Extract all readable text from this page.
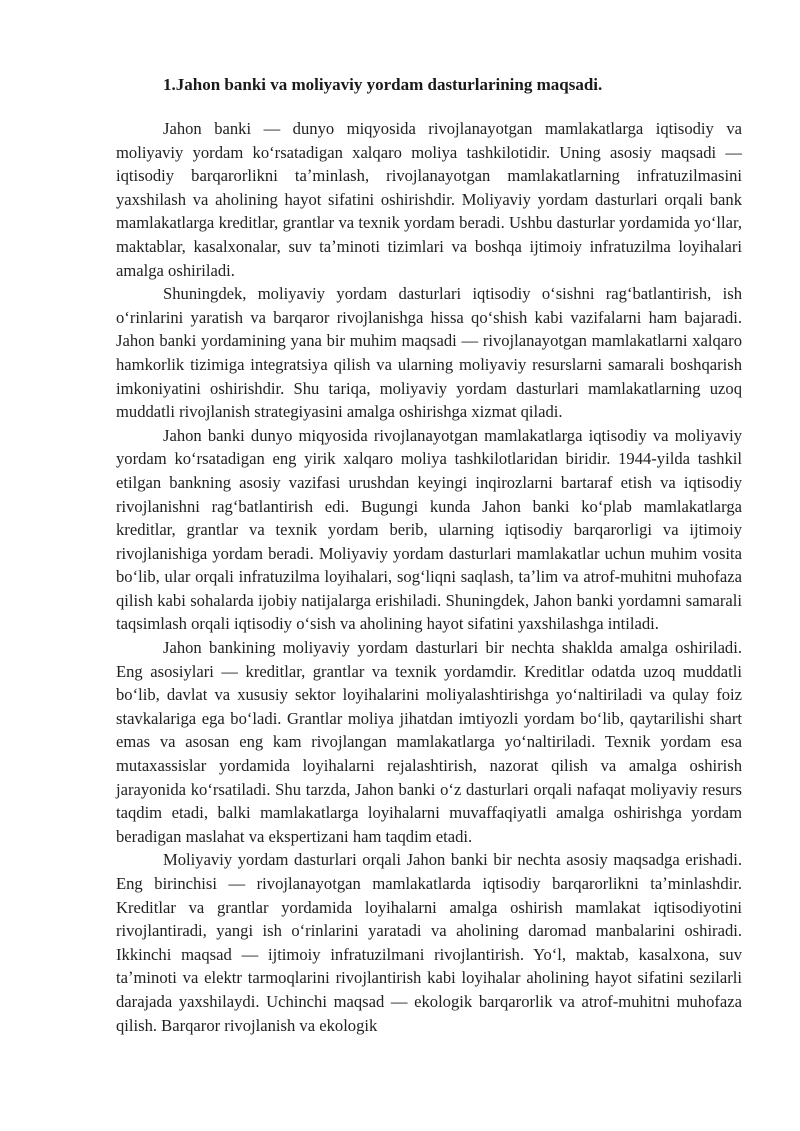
1.Jahon banki va moliyaviy yordam dasturlarining maqsadi.

Jahon banki — dunyo miqyosida rivojlanayotgan mamlakatlarga iqtisodiy va moliyaviy yordam koʻrsatadigan xalqaro moliya tashkilotidir. Uning asosiy maqsadi — iqtisodiy barqarorlikni taʼminlash, rivojlanayotgan mamlakatlarning infratuzilmasini yaxshilash va aholining hayot sifatini oshirishdir. Moliyaviy yordam dasturlari orqali bank mamlakatlarga kreditlar, grantlar va texnik yordam beradi. Ushbu dasturlar yordamida yoʻllar, maktablar, kasalxonalar, suv taʼminoti tizimlari va boshqa ijtimoiy infratuzilma loyihalari amalga oshiriladi.

Shuningdek, moliyaviy yordam dasturlari iqtisodiy oʻsishni ragʻbatlantirish, ish oʻrinlarini yaratish va barqaror rivojlanishga hissa qoʻshish kabi vazifalarni ham bajaradi. Jahon banki yordamining yana bir muhim maqsadi — rivojlanayotgan mamlakatlarni xalqaro hamkorlik tizimiga integratsiya qilish va ularning moliyaviy resurslarni samarali boshqarish imkoniyatini oshirishdir. Shu tariqa, moliyaviy yordam dasturlari mamlakatlarning uzoq muddatli rivojlanish strategiyasini amalga oshirishga xizmat qiladi.

Jahon banki dunyo miqyosida rivojlanayotgan mamlakatlarga iqtisodiy va moliyaviy yordam koʻrsatadigan eng yirik xalqaro moliya tashkilotlaridan biridir. 1944-yilda tashkil etilgan bankning asosiy vazifasi urushdan keyingi inqirozlarni bartaraf etish va iqtisodiy rivojlanishni ragʻbatlantirish edi. Bugungi kunda Jahon banki koʻplab mamlakatlarga kreditlar, grantlar va texnik yordam berib, ularning iqtisodiy barqarorligi va ijtimoiy rivojlanishiga yordam beradi. Moliyaviy yordam dasturlari mamlakatlar uchun muhim vosita boʻlib, ular orqali infratuzilma loyihalari, sogʻliqni saqlash, taʼlim va atrof-muhitni muhofaza qilish kabi sohalarda ijobiy natijalarga erishiladi. Shuningdek, Jahon banki yordamni samarali taqsimlash orqali iqtisodiy oʻsish va aholining hayot sifatini yaxshilashga intiladi.

Jahon bankining moliyaviy yordam dasturlari bir nechta shaklda amalga oshiriladi. Eng asosiylari — kreditlar, grantlar va texnik yordamdir. Kreditlar odatda uzoq muddatli boʻlib, davlat va xususiy sektor loyihalarini moliyalashtirishga yoʻnaltiriladi va qulay foiz stavkalariga ega boʻladi. Grantlar moliya jihatdan imtiyozli yordam boʻlib, qaytarilishi shart emas va asosan eng kam rivojlangan mamlakatlarga yoʻnaltiriladi. Texnik yordam esa mutaxassislar yordamida loyihalarni rejalashtirish, nazorat qilish va amalga oshirish jarayonida koʻrsatiladi. Shu tarzda, Jahon banki oʻz dasturlari orqali nafaqat moliyaviy resurs taqdim etadi, balki mamlakatlarga loyihalarni muvaffaqiyatli amalga oshirishga yordam beradigan maslahat va ekspertizani ham taqdim etadi.

Moliyaviy yordam dasturlari orqali Jahon banki bir nechta asosiy maqsadga erishadi. Eng birinchisi — rivojlanayotgan mamlakatlarda iqtisodiy barqarorlikni taʼminlashdir. Kreditlar va grantlar yordamida loyihalarni amalga oshirish mamlakat iqtisodiyotini rivojlantiradi, yangi ish oʻrinlarini yaratadi va aholining daromad manbalarini oshiradi. Ikkinchi maqsad — ijtimoiy infratuzilmani rivojlantirish. Yoʻl, maktab, kasalxona, suv taʼminoti va elektr tarmoqlarini rivojlantirish kabi loyihalar aholining hayot sifatini sezilarli darajada yaxshilaydi. Uchinchi maqsad — ekologik barqarorlik va atrof-muhitni muhofaza qilish. Barqaror rivojlanish va ekologik
